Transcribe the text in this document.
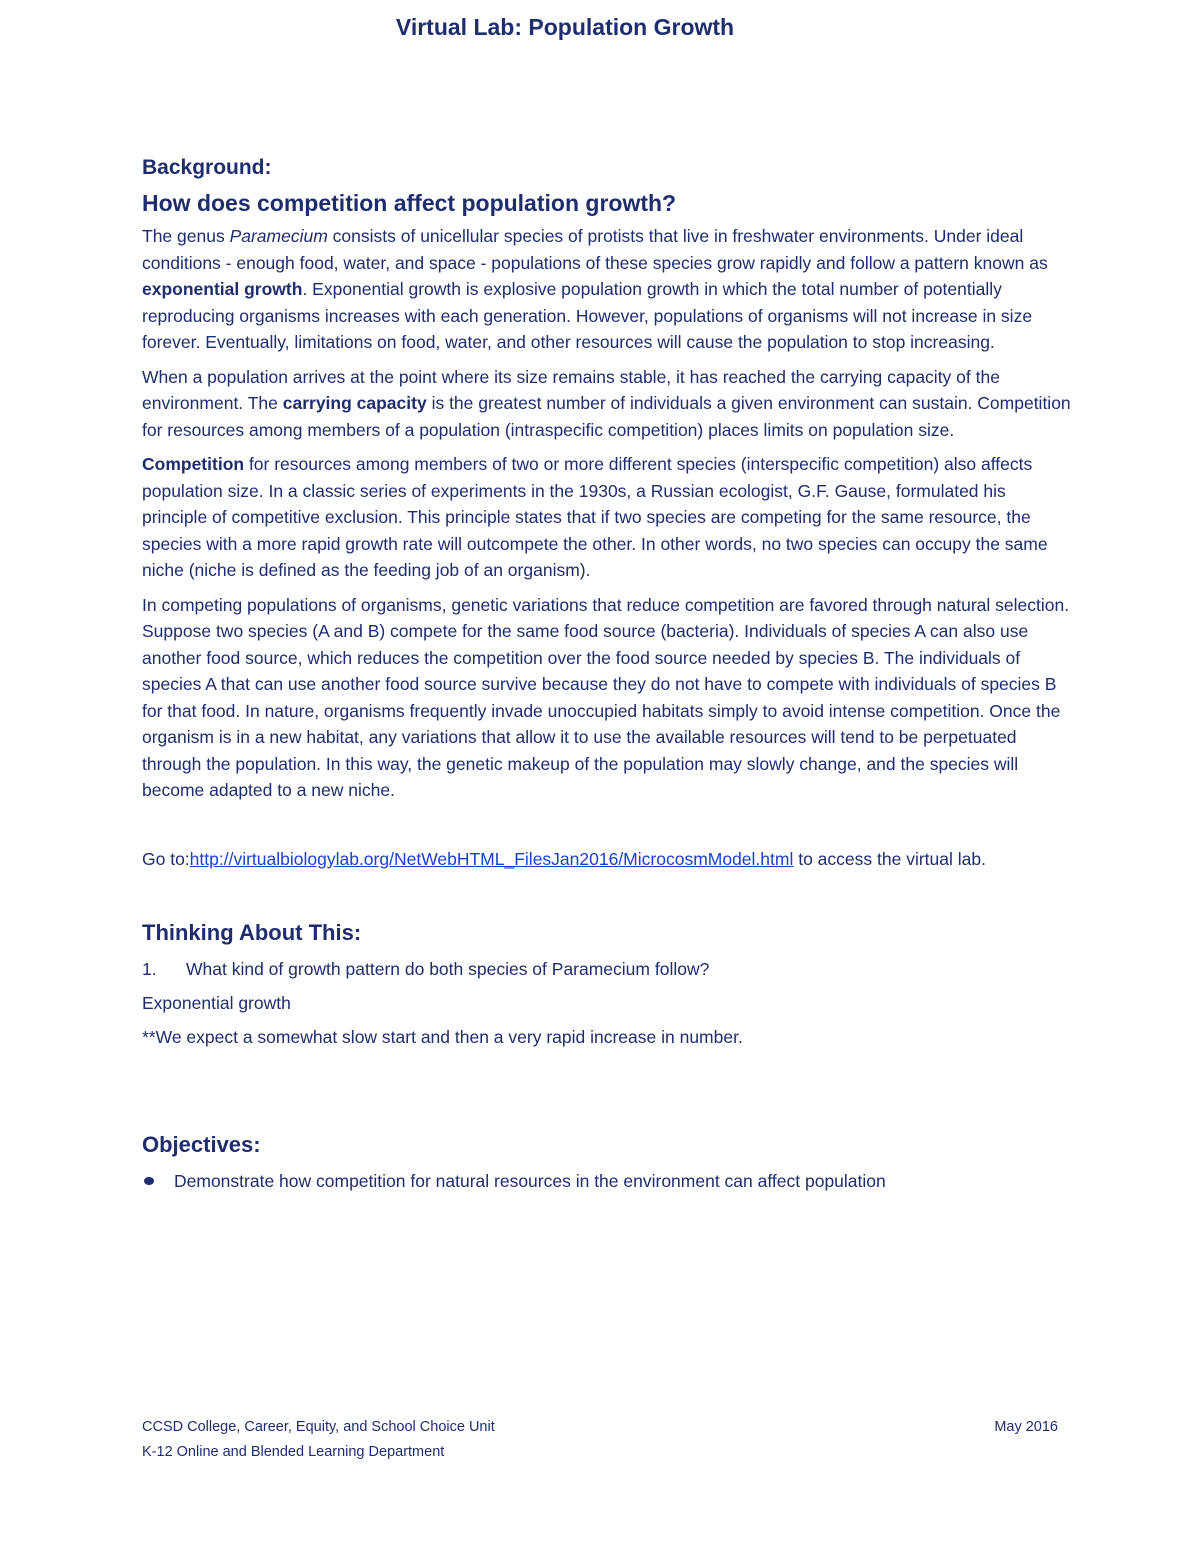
Virtual Lab: Population Growth
Background:
How does competition affect population growth?

The genus Paramecium consists of unicellular species of protists that live in freshwater environments. Under ideal conditions - enough food, water, and space - populations of these species grow rapidly and follow a pattern known as exponential growth. Exponential growth is explosive population growth in which the total number of potentially reproducing organisms increases with each generation. However, populations of organisms will not increase in size forever. Eventually, limitations on food, water, and other resources will cause the population to stop increasing.

When a population arrives at the point where its size remains stable, it has reached the carrying capacity of the environment. The carrying capacity is the greatest number of individuals a given environment can sustain. Competition for resources among members of a population (intraspecific competition) places limits on population size.

Competition for resources among members of two or more different species (interspecific competition) also affects population size. In a classic series of experiments in the 1930s, a Russian ecologist, G.F. Gause, formulated his principle of competitive exclusion. This principle states that if two species are competing for the same resource, the species with a more rapid growth rate will outcompete the other. In other words, no two species can occupy the same niche (niche is defined as the feeding job of an organism).

In competing populations of organisms, genetic variations that reduce competition are favored through natural selection. Suppose two species (A and B) compete for the same food source (bacteria). Individuals of species A can also use another food source, which reduces the competition over the food source needed by species B. The individuals of species A that can use another food source survive because they do not have to compete with individuals of species B for that food. In nature, organisms frequently invade unoccupied habitats simply to avoid intense competition. Once the organism is in a new habitat, any variations that allow it to use the available resources will tend to be perpetuated through the population. In this way, the genetic makeup of the population may slowly change, and the species will become adapted to a new niche.

Go to:http://virtualbiologylab.org/NetWebHTML_FilesJan2016/MicrocosmModel.html to access the virtual lab.

Thinking About This:
1.	What kind of growth pattern do both species of Paramecium follow?
Exponential growth
**We expect a somewhat slow start and then a very rapid increase in number.
Objectives:
Demonstrate how competition for natural resources in the environment can affect population
CCSD College, Career, Equity, and School Choice Unit	May 2016
K-12 Online and Blended Learning Department
